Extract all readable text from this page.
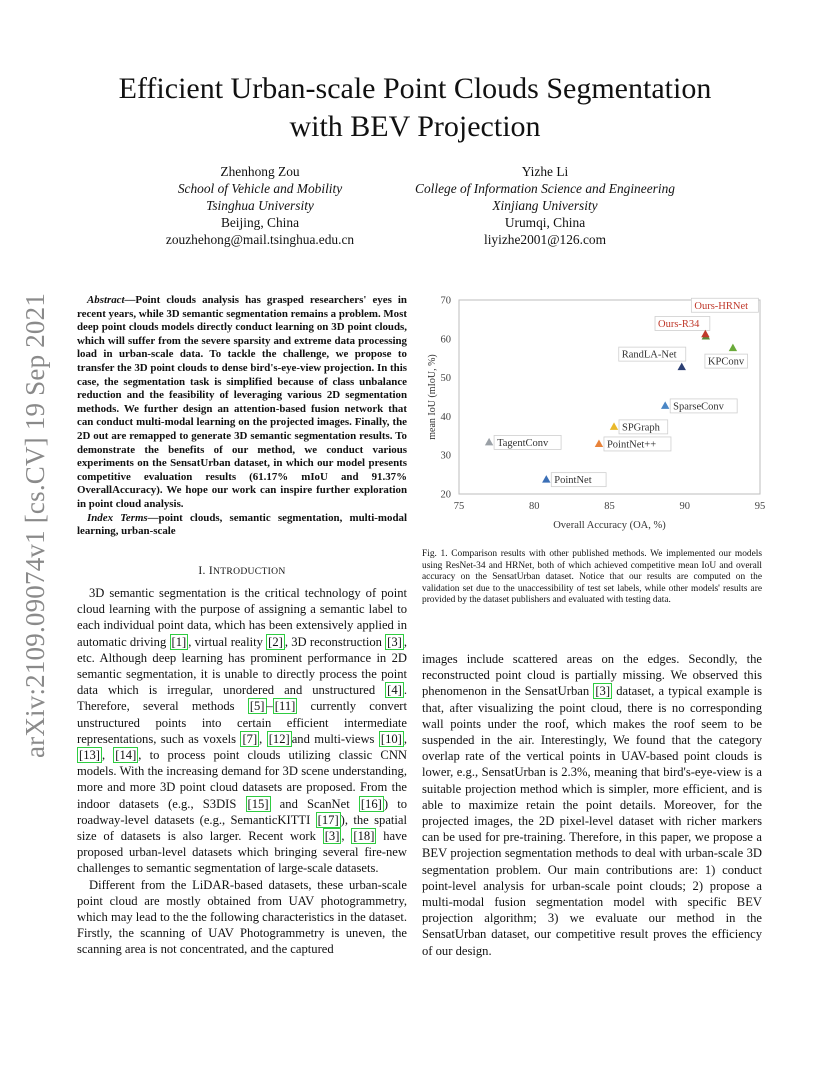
arXiv:2109.09074v1 [cs.CV] 19 Sep 2021
Efficient Urban-scale Point Clouds Segmentation
with BEV Projection
Zhenhong Zou
School of Vehicle and Mobility
Tsinghua University
Beijing, China
zouzhehong@mail.tsinghua.edu.cn
Yizhe Li
College of Information Science and Engineering
Xinjiang University
Urumqi, China
liyizhe2001@126.com

Abstract—Point clouds analysis has grasped researchers' eyes in recent years, while 3D semantic segmentation remains a problem. Most deep point clouds models directly conduct learning on 3D point clouds, which will suffer from the severe sparsity and extreme data processing load in urban-scale data. To tackle the challenge, we propose to transfer the 3D point clouds to dense bird's-eye-view projection. In this case, the segmentation task is simplified because of class unbalance reduction and the feasibility of leveraging various 2D segmentation methods. We further design an attention-based fusion network that can conduct multi-modal learning on the projected images. Finally, the 2D out are remapped to generate 3D semantic segmentation results. To demonstrate the benefits of our method, we conduct various experiments on the SensatUrban dataset, in which our model presents competitive evaluation results (61.17% mIoU and 91.37% OverallAccuracy). We hope our work can inspire further exploration in point cloud analysis.

Index Terms—point clouds, semantic segmentation, multi-modal learning, urban-scale

I. INTRODUCTION

3D semantic segmentation is the critical technology of point cloud learning with the purpose of assigning a semantic label to each individual point data, which has been extensively applied in automatic driving [1] , virtual reality [2] , 3D reconstruction [3] , etc. Although deep learning has prominent performance in 2D semantic segmentation, it is unable to directly process the point data which is irregular, unordered and unstructured [4] . Therefore, several methods [5] – [11] currently convert unstructured points into certain efficient intermediate representations, such as voxels [7] , [12] and multi-views [10] , [13] , [14] , to process point clouds utilizing classic CNN models. With the increasing demand for 3D scene understanding, more and more 3D point cloud datasets are proposed. From the indoor datasets (e.g., S3DIS [15] and ScanNet [16] ) to roadway-level datasets (e.g., SemanticKITTI [17] ), the spatial size of datasets is also larger. Recent work [3] , [18] have proposed urban-level datasets which bringing several fire-new challenges to semantic segmentation of large-scale datasets.

Different from the LiDAR-based datasets, these urban-scale point cloud are mostly obtained from UAV photogrammetry, which may lead to the the following characteristics in the dataset. Firstly, the scanning of UAV Photogrammetry is uneven, the scanning area is not concentrated, and the captured

20
30
40
50
60
70
75	80	85	90	95
Overall Accuracy (OA, %)
mean IoU (mIoU, %)
TagentConv
PointNet
PointNet++
SPGraph
SparseConv
RandLA-Net
KPConv
Ours-R34
Ours-HRNet
Fig. 1. Comparison results with other published methods. We implemented our models using ResNet-34 and HRNet, both of which achieved competitive mean IoU and overall accuracy on the SensatUrban dataset. Notice that our results are computed on the validation set due to the unaccessibility of test set labels, while other models' results are provided by the dataset publishers and evaluated with testing data.

images include scattered areas on the edges. Secondly, the reconstructed point cloud is partially missing. We observed this phenomenon in the SensatUrban [3] dataset, a typical example is that, after visualizing the point cloud, there is no corresponding wall points under the roof, which makes the roof seem to be suspended in the air. Interestingly, We found that the category overlap rate of the vertical points in UAV-based point clouds is lower, e.g., SensatUrban is 2.3%, meaning that bird's-eye-view is a suitable projection method which is simpler, more efficient, and is able to maximize retain the point details. Moreover, for the projected images, the 2D pixel-level dataset with richer markers can be used for pre-training. Therefore, in this paper, we propose a BEV projection segmentation methods to deal with urban-scale 3D segmentation problem. Our main contributions are: 1) conduct point-level analysis for urban-scale point clouds; 2) propose a multi-modal fusion segmentation model with specific BEV projection algorithm; 3) we evaluate our method in the SensatUrban dataset, our competitive result proves the efficiency of our design.
